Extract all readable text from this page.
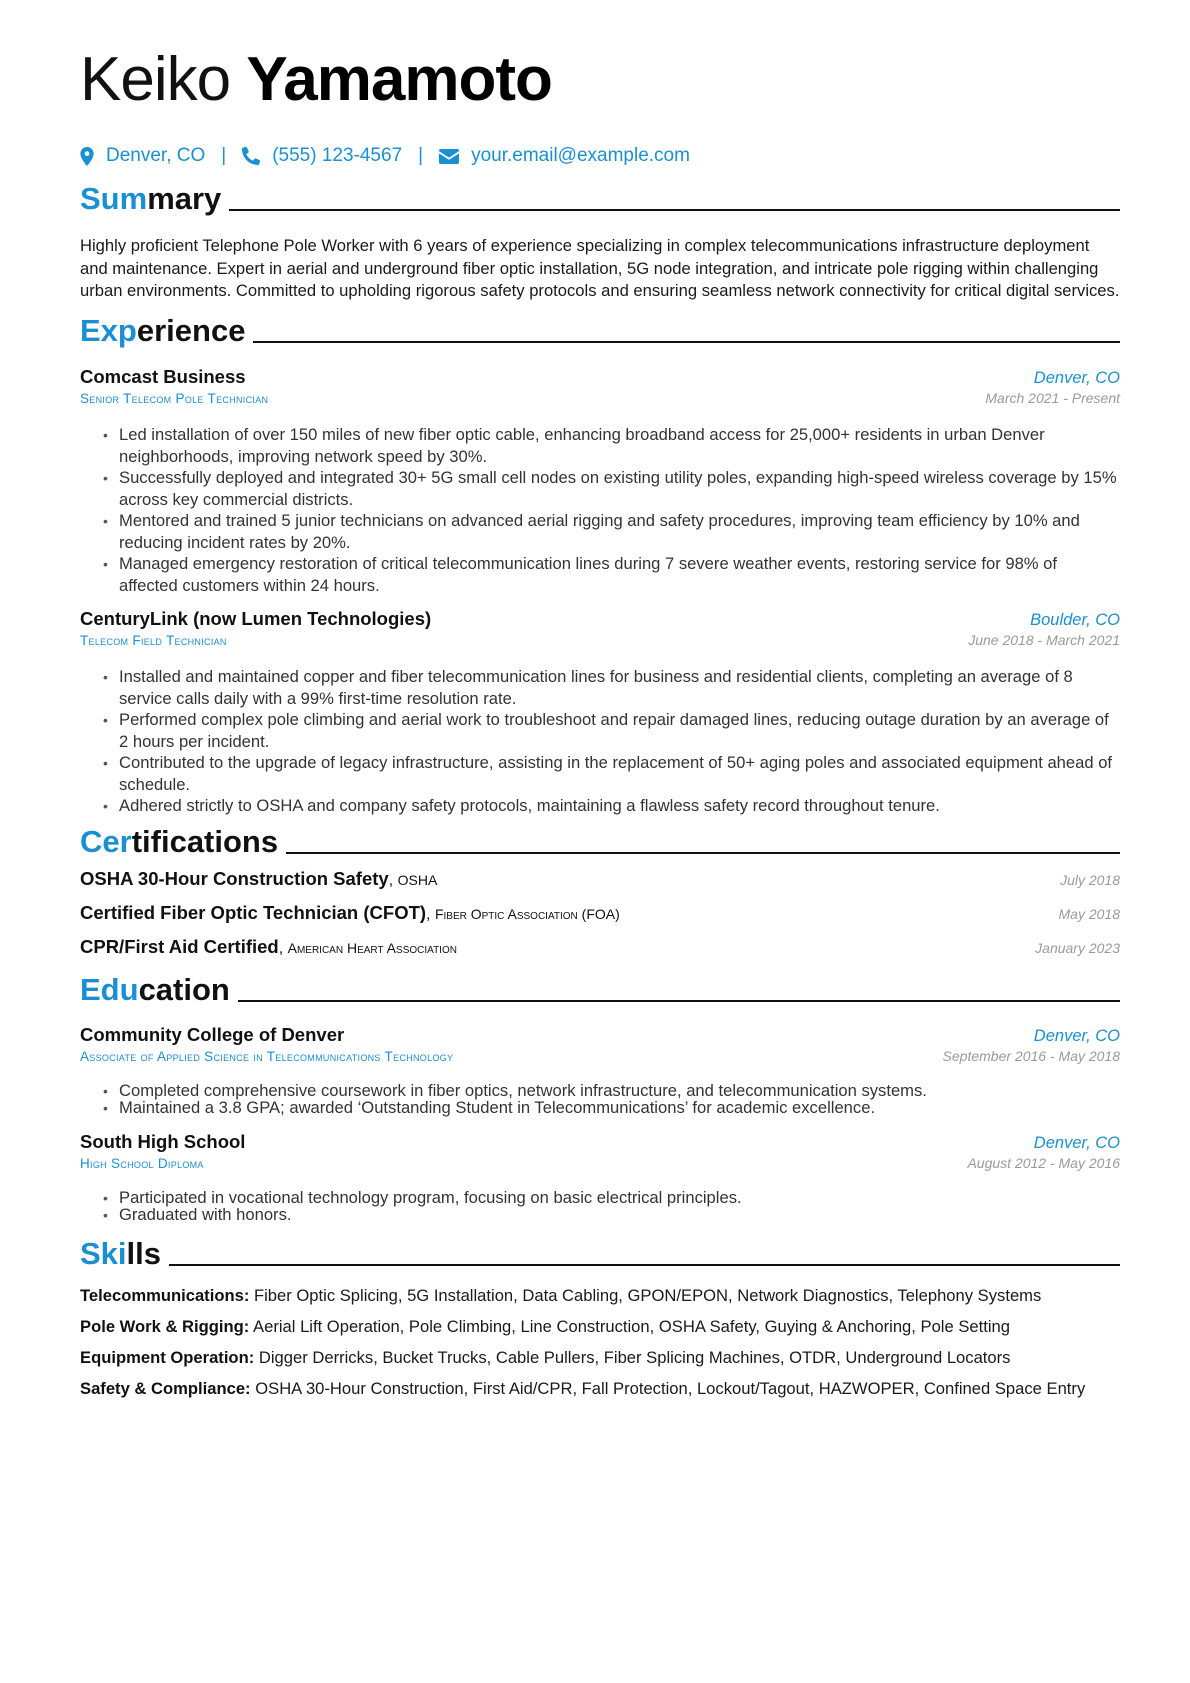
Keiko Yamamoto
Denver, CO | (555) 123-4567 |	your.email@example.com
Summary

Highly proficient Telephone Pole Worker with 6 years of experience specializing in complex telecommunications infrastructure deployment and maintenance. Expert in aerial and underground fiber optic installation, 5G node integration, and intricate pole rigging within challenging urban environments. Committed to upholding rigorous safety protocols and ensuring seamless network connectivity for critical digital services.

Experience
Comcast Business	Denver, CO
Senior Telecom Pole Technician	March 2021 - Present
• Led installation of over 150 miles of new fiber optic cable, enhancing broadband access for 25,000+ residents in urban Denver neighborhoods, improving network speed by 30%.
• Successfully deployed and integrated 30+ 5G small cell nodes on existing utility poles, expanding high-speed wireless coverage by 15% across key commercial districts.
• Mentored and trained 5 junior technicians on advanced aerial rigging and safety procedures, improving team efficiency by 10% and reducing incident rates by 20%.
• Managed emergency restoration of critical telecommunication lines during 7 severe weather events, restoring service for 98% of affected customers within 24 hours.
CenturyLink (now Lumen Technologies)	Boulder, CO
Telecom Field Technician	June 2018 - March 2021
• Installed and maintained copper and fiber telecommunication lines for business and residential clients, completing an average of 8 service calls daily with a 99% first-time resolution rate.
• Performed complex pole climbing and aerial work to troubleshoot and repair damaged lines, reducing outage duration by an average of 2 hours per incident.
• Contributed to the upgrade of legacy infrastructure, assisting in the replacement of 50+ aging poles and associated equipment ahead of schedule.
• Adhered strictly to OSHA and company safety protocols, maintaining a flawless safety record throughout tenure.
Certifications
OSHA 30-Hour Construction Safety, OSHA	July 2018
Certified Fiber Optic Technician (CFOT), Fiber Optic Association (FOA)	May 2018
CPR/First Aid Certified, American Heart Association	January 2023
Education
Community College of Denver	Denver, CO
Associate of Applied Science in Telecommunications Technology	September 2016 - May 2018
• Completed comprehensive coursework in fiber optics, network infrastructure, and telecommunication systems.
• Maintained a 3.8 GPA; awarded ‘Outstanding Student in Telecommunications’ for academic excellence.
South High School	Denver, CO
High School Diploma	August 2012 - May 2016
• Participated in vocational technology program, focusing on basic electrical principles.
• Graduated with honors.
Skills
Telecommunications: Fiber Optic Splicing, 5G Installation, Data Cabling, GPON/EPON, Network Diagnostics, Telephony Systems
Pole Work & Rigging: Aerial Lift Operation, Pole Climbing, Line Construction, OSHA Safety, Guying & Anchoring, Pole Setting
Equipment Operation: Digger Derricks, Bucket Trucks, Cable Pullers, Fiber Splicing Machines, OTDR, Underground Locators
Safety & Compliance: OSHA 30-Hour Construction, First Aid/CPR, Fall Protection, Lockout/Tagout, HAZWOPER, Confined Space Entry
